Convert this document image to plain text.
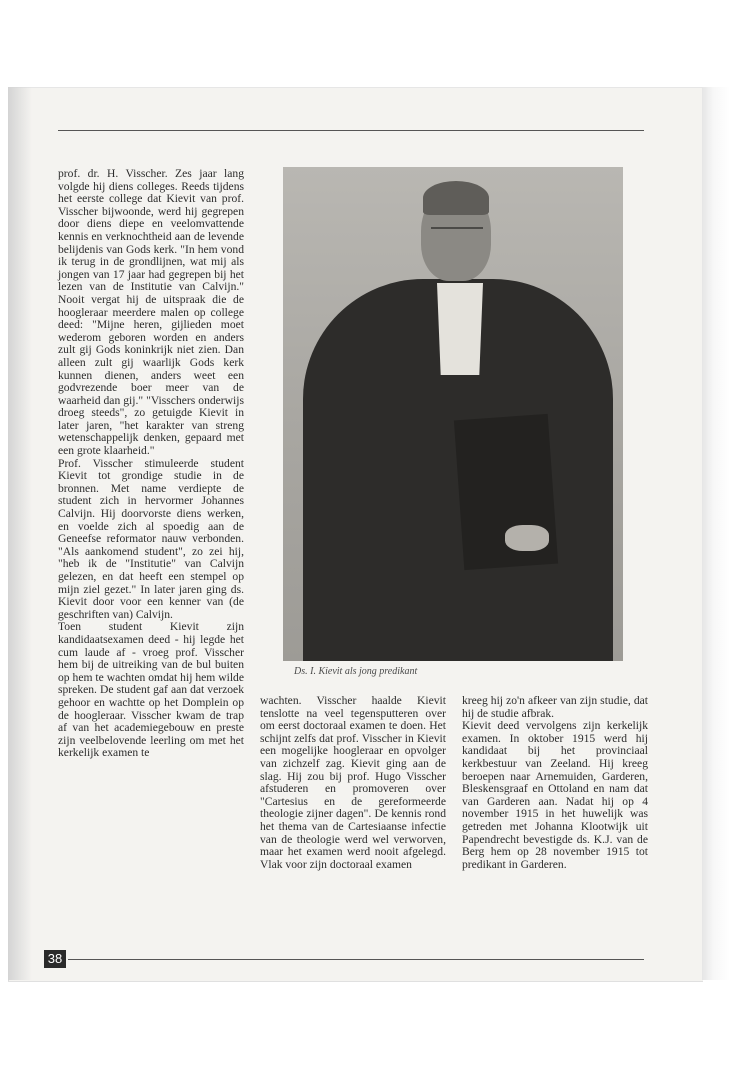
prof. dr. H. Visscher. Zes jaar lang volgde hij diens colleges. Reeds tijdens het eerste college dat Kievit van prof. Visscher bijwoonde, werd hij gegrepen door diens diepe en veelomvattende kennis en verknochtheid aan de levende belijdenis van Gods kerk. "In hem vond ik terug in de grondlijnen, wat mij als jongen van 17 jaar had gegrepen bij het lezen van de Institutie van Calvijn." Nooit vergat hij de uitspraak die de hoogleraar meerdere malen op college deed: "Mijne heren, gijlieden moet wederom geboren worden en anders zult gij Gods koninkrijk niet zien. Dan alleen zult gij waarlijk Gods kerk kunnen dienen, anders weet een godvrezende boer meer van de waarheid dan gij." "Visschers onderwijs droeg steeds", zo getuigde Kievit in later jaren, "het karakter van streng wetenschappelijk denken, gepaard met een grote klaarheid."

Prof. Visscher stimuleerde student Kievit tot grondige studie in de bronnen. Met name verdiepte de student zich in hervormer Johannes Calvijn. Hij doorvorste diens werken, en voelde zich al spoedig aan de Geneefse reformator nauw verbonden. "Als aankomend student", zo zei hij, "heb ik de "Institutie" van Calvijn gelezen, en dat heeft een stempel op mijn ziel gezet." In later jaren ging ds. Kievit door voor een kenner van (de geschriften van) Calvijn.

Toen student Kievit zijn kandidaatsexamen deed - hij legde het cum laude af - vroeg prof. Visscher hem bij de uitreiking van de bul buiten op hem te wachten omdat hij hem wilde spreken. De student gaf aan dat verzoek gehoor en wachtte op het Domplein op de hoogleraar. Visscher kwam de trap af van het academiegebouw en preste zijn veelbelovende leerling om met het kerkelijk examen te

Ds. I. Kievit als jong predikant

wachten. Visscher haalde Kievit tenslotte na veel tegensputteren over om eerst doctoraal examen te doen. Het schijnt zelfs dat prof. Visscher in Kievit een mogelijke hoogleraar en opvolger van zichzelf zag. Kievit ging aan de slag. Hij zou bij prof. Hugo Visscher afstuderen en promoveren over "Cartesius en de gereformeerde theologie zijner dagen". De kennis rond het thema van de Cartesiaanse infectie van de theologie werd wel verworven, maar het examen werd nooit afgelegd. Vlak voor zijn doctoraal examen

kreeg hij zo'n afkeer van zijn studie, dat hij de studie afbrak.

Kievit deed vervolgens zijn kerkelijk examen. In oktober 1915 werd hij kandidaat bij het provinciaal kerkbestuur van Zeeland. Hij kreeg beroepen naar Arnemuiden, Garderen, Bleskensgraaf en Ottoland en nam dat van Garderen aan. Nadat hij op 4 november 1915 in het huwelijk was getreden met Johanna Klootwijk uit Papendrecht bevestigde ds. K.J. van de Berg hem op 28 november 1915 tot predikant in Garderen.

38
